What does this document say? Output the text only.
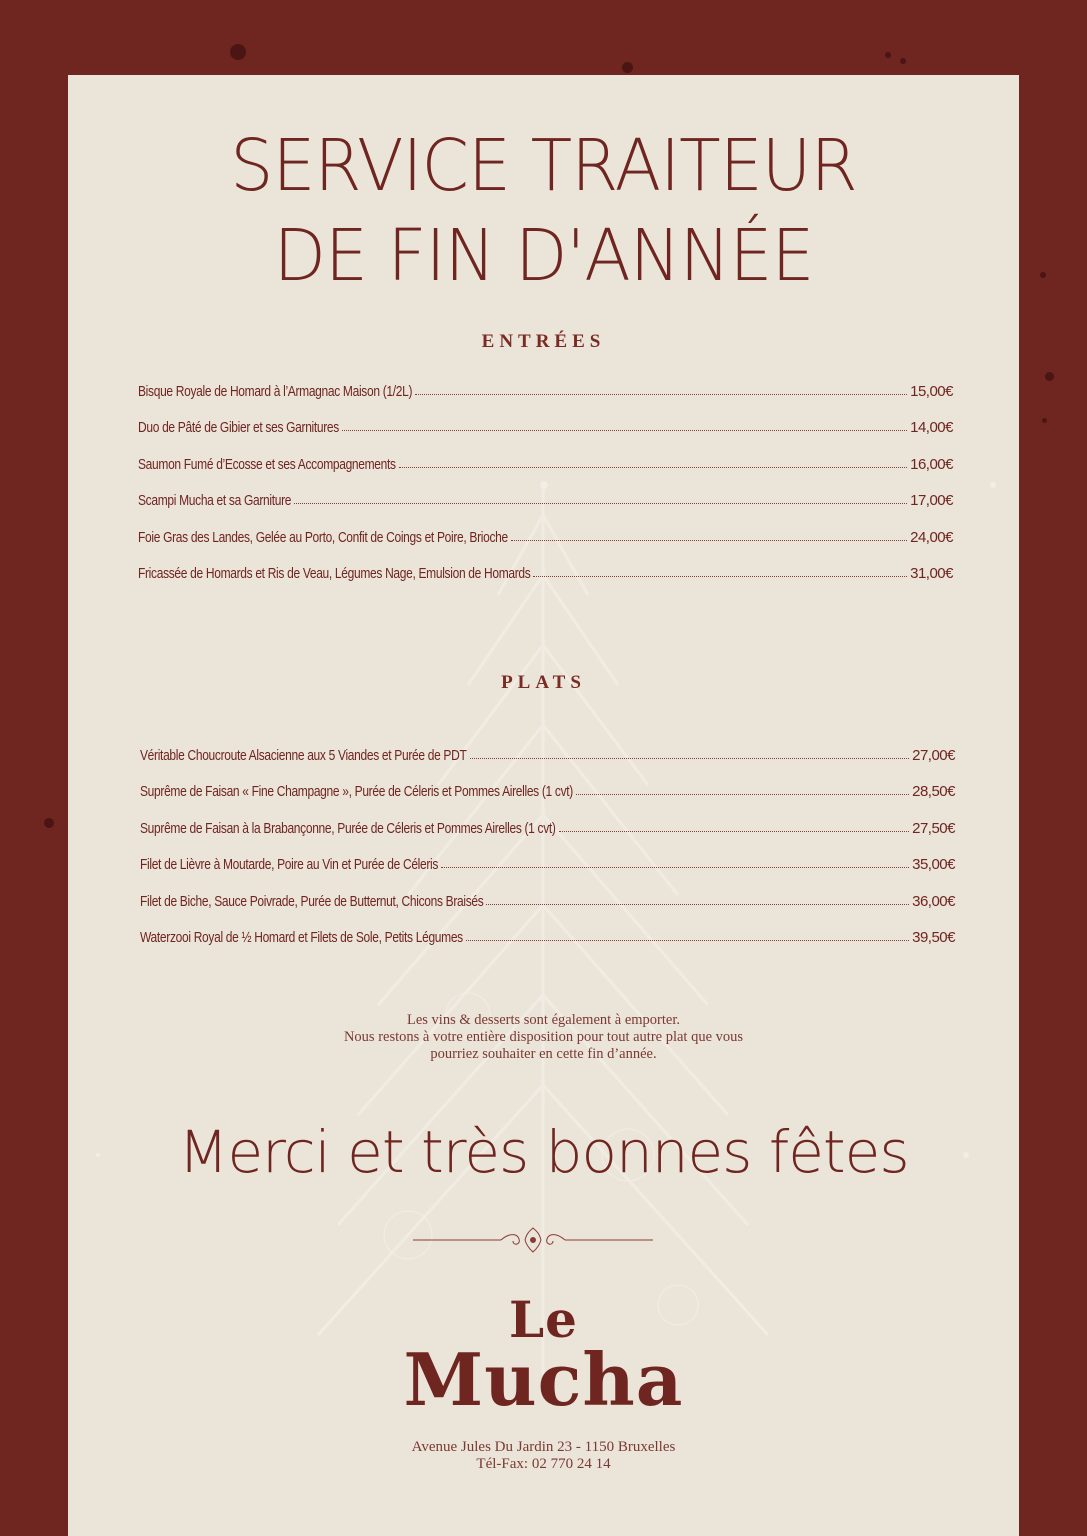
SERVICE TRAITEUR
DE FIN D'ANNÉE
ENTRÉES
Bisque Royale de Homard à l’Armagnac Maison (1/2L)	15,00€
Duo de Pâté de Gibier et ses Garnitures	14,00€
Saumon Fumé d’Ecosse et ses Accompagnements	16,00€
Scampi Mucha et sa Garniture	17,00€
Foie Gras des Landes, Gelée au Porto, Confit de Coings et Poire, Brioche	24,00€
Fricassée de Homards et Ris de Veau, Légumes Nage, Emulsion de Homards	31,00€
PLATS
Véritable Choucroute Alsacienne aux 5 Viandes et Purée de PDT	27,00€
Suprême de Faisan « Fine Champagne », Purée de Céleris et Pommes Airelles (1 cvt)	28,50€
Suprême de Faisan à la Brabançonne, Purée de Céleris et Pommes Airelles (1 cvt)	27,50€
Filet de Lièvre à Moutarde, Poire au Vin et Purée de Céleris	35,00€
Filet de Biche, Sauce Poivrade, Purée de Butternut, Chicons Braisés	36,00€
Waterzooi Royal de ½ Homard et Filets de Sole, Petits Légumes	39,50€

Les vins & desserts sont également à emporter.

Nous restons à votre entière disposition pour tout autre plat que vous

pourriez souhaiter en cette fin d’année.

Merci et très bonnes fêtes
Le
Mucha

Avenue Jules Du Jardin 23 - 1150 Bruxelles

Tél-Fax: 02 770 24 14
